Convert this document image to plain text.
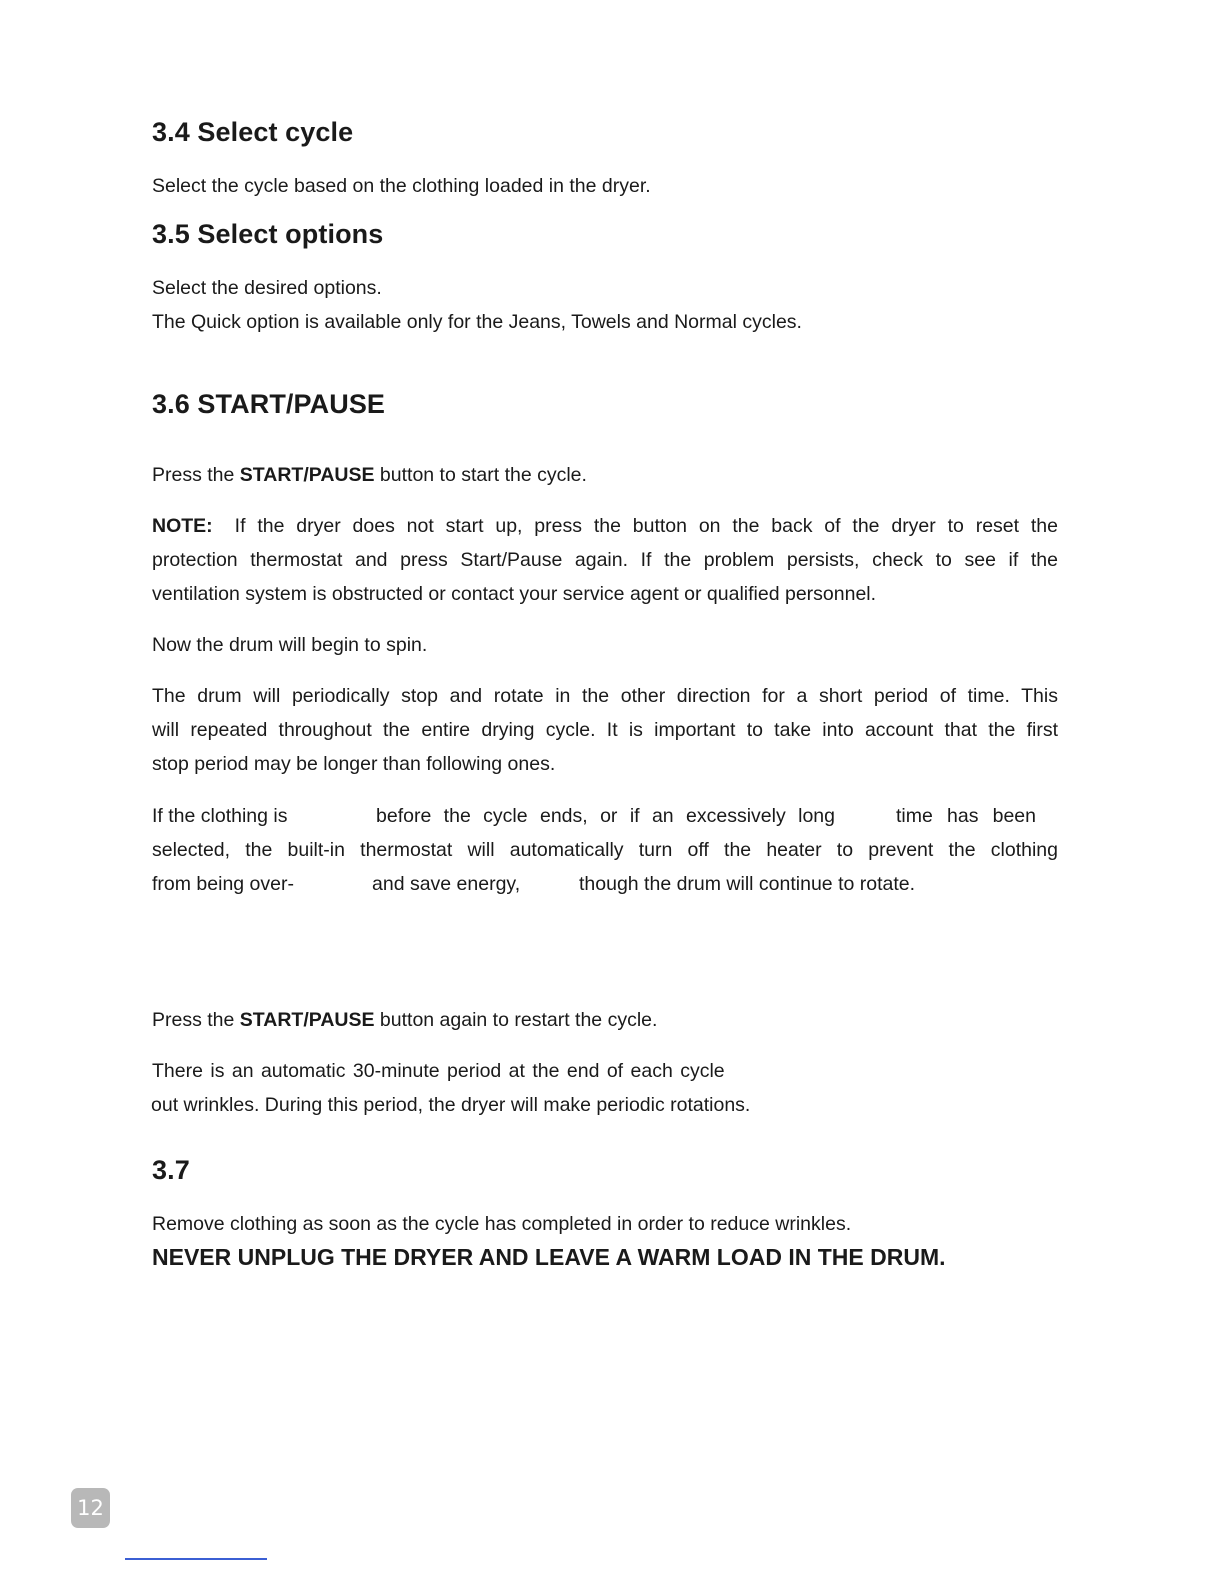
3.4 Select cycle
Select the cycle based on the clothing loaded in the dryer.
3.5 Select options
Select the desired options.
The Quick option is available only for the Jeans, Towels and Normal cycles.
3.6 START/PAUSE
Press the START/PAUSE button to start the cycle.
NOTE: If the dryer does not start up, press the button on the back of the dryer to reset the
protection thermostat and press Start/Pause again. If the problem persists, check to see if the
ventilation system is obstructed or contact your service agent or qualified personnel.
Now the drum will begin to spin.
The drum will periodically stop and rotate in the other direction for a short period of time. This
will repeated throughout the entire drying cycle. It is important to take into account that the first
stop period may be longer than following ones.
If the clothing is	before the cycle ends, or if an excessively long	time has been
selected, the built-in thermostat will automatically turn off the heater to prevent the clothing
from being over-	and save energy,	though the drum will continue to rotate.
Press the START/PAUSE button again to restart the cycle.
There is an automatic 30-minute period at the end of each cycle
out wrinkles. During this period, the dryer will make periodic rotations.
3.7
Remove clothing as soon as the cycle has completed in order to reduce wrinkles.
NEVER UNPLUG THE DRYER AND LEAVE A WARM LOAD IN THE DRUM.
12
